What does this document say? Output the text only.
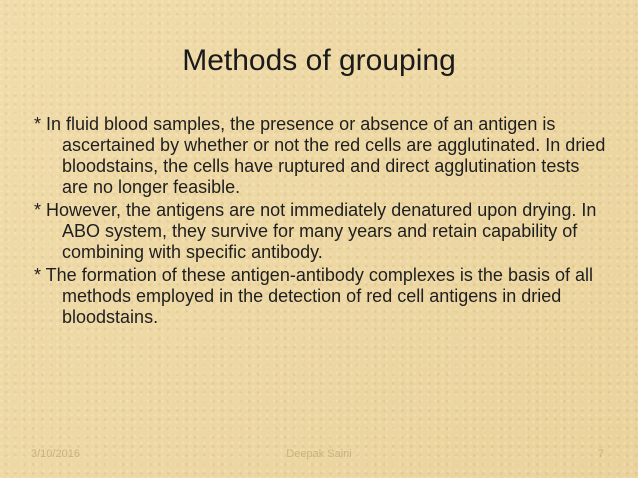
Methods of grouping

* In fluid blood samples, the presence or absence of an antigen is ascertained by whether or not the red cells are agglutinated. In dried bloodstains, the cells have ruptured and direct agglutination tests are no longer feasible.

* However, the antigens are not immediately denatured upon drying. In ABO system, they survive for many years and retain capability of combining with specific antibody.

* The formation of these antigen-antibody complexes is the basis of all methods employed in the detection of red cell antigens in dried bloodstains.

3/10/2016	Deepak Saini	7
